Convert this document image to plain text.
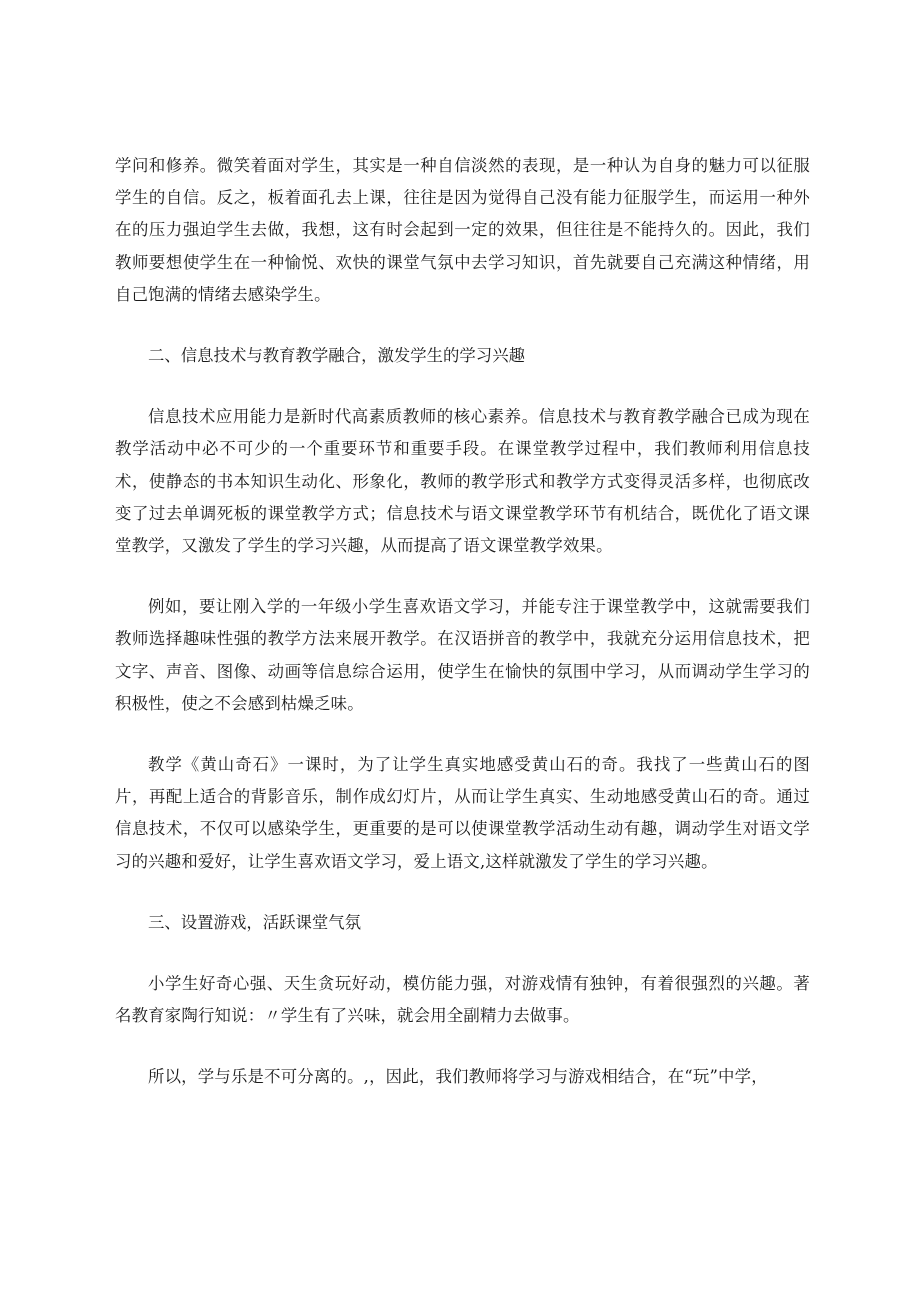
学问和修养。微笑着面对学生，其实是一种自信淡然的表现，是一种认为自身的魅力可以征服学生的自信。反之，板着面孔去上课，往往是因为觉得自己没有能力征服学生，而运用一种外在的压力强迫学生去做，我想，这有时会起到一定的效果，但往往是不能持久的。因此，我们教师要想使学生在一种愉悦、欢快的课堂气氛中去学习知识，首先就要自己充满这种情绪，用自己饱满的情绪去感染学生。

二、信息技术与教育教学融合，激发学生的学习兴趣

信息技术应用能力是新时代高素质教师的核心素养。信息技术与教育教学融合已成为现在教学活动中必不可少的一个重要环节和重要手段。在课堂教学过程中，我们教师利用信息技术，使静态的书本知识生动化、形象化，教师的教学形式和教学方式变得灵活多样，也彻底改变了过去单调死板的课堂教学方式；信息技术与语文课堂教学环节有机结合，既优化了语文课堂教学，又激发了学生的学习兴趣，从而提高了语文课堂教学效果。

例如，要让刚入学的一年级小学生喜欢语文学习，并能专注于课堂教学中，这就需要我们教师选择趣味性强的教学方法来展开教学。在汉语拼音的教学中，我就充分运用信息技术，把文字、声音、图像、动画等信息综合运用，使学生在愉快的氛围中学习，从而调动学生学习的积极性，使之不会感到枯燥乏味。

教学《黄山奇石》一课时，为了让学生真实地感受黄山石的奇。我找了一些黄山石的图片，再配上适合的背影音乐，制作成幻灯片，从而让学生真实、生动地感受黄山石的奇。通过信息技术，不仅可以感染学生，更重要的是可以使课堂教学活动生动有趣，调动学生对语文学习的兴趣和爱好，让学生喜欢语文学习，爱上语文,这样就激发了学生的学习兴趣。

三、设置游戏，活跃课堂气氛

小学生好奇心强、天生贪玩好动，模仿能力强，对游戏情有独钟，有着很强烈的兴趣。著名教育家陶行知说：〃学生有了兴味，就会用全副精力去做事。

所以，学与乐是不可分离的。,，因此，我们教师将学习与游戏相结合，在“玩”中学，
